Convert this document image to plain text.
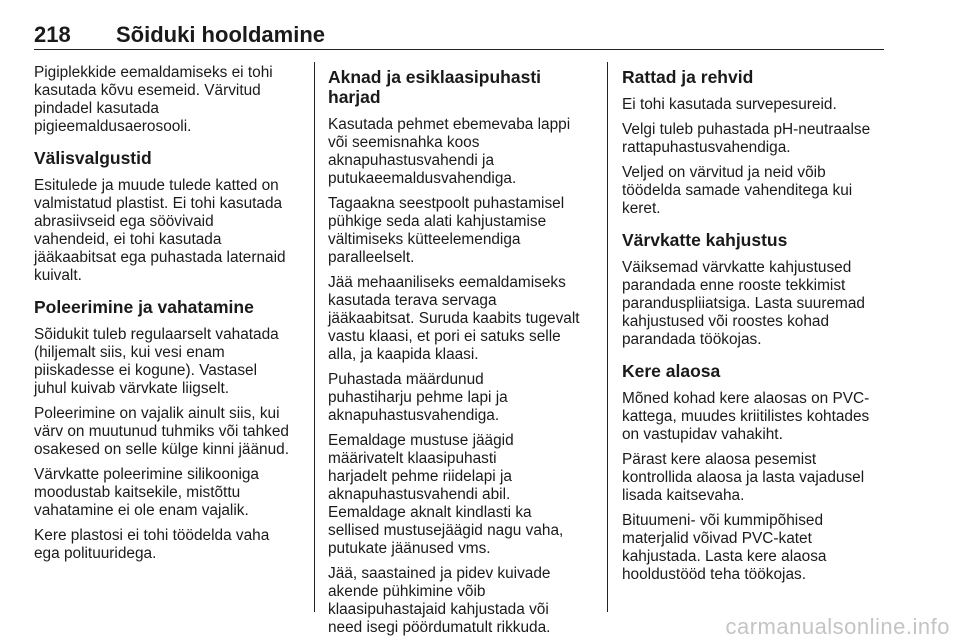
218 Sõiduki hooldamine

Pigiplekkide eemaldamiseks ei tohi
kasutada kõvu esemeid. Värvitud
pindadel kasutada
pigieemaldusaerosooli.

Välisvalgustid

Esitulede ja muude tulede katted on
valmistatud plastist. Ei tohi kasutada
abrasiivseid ega söövivaid
vahendeid, ei tohi kasutada
jääkaabitsat ega puhastada laternaid
kuivalt.

Poleerimine ja vahatamine

Sõidukit tuleb regulaarselt vahatada
(hiljemalt siis, kui vesi enam
piiskadesse ei kogune). Vastasel
juhul kuivab värvkate liigselt.

Poleerimine on vajalik ainult siis, kui
värv on muutunud tuhmiks või tahked
osakesed on selle külge kinni jäänud.

Värvkatte poleerimine silikooniga
moodustab kaitsekile, mistõttu
vahatamine ei ole enam vajalik.

Kere plastosi ei tohi töödelda vaha
ega polituuridega.

Aknad ja esiklaasipuhasti harjad

Kasutada pehmet ebemevaba lappi
või seemisnahka koos
aknapuhastusvahendi ja
putukaeemaldusvahendiga.

Tagaakna seestpoolt puhastamisel
pühkige seda alati kahjustamise
vältimiseks kütteelemendiga
paralleelselt.

Jää mehaaniliseks eemaldamiseks
kasutada terava servaga
jääkaabitsat. Suruda kaabits tugevalt
vastu klaasi, et pori ei satuks selle
alla, ja kaapida klaasi.

Puhastada määrdunud
puhastiharju pehme lapi ja
aknapuhastusvahendiga.

Eemaldage mustuse jäägid
määrivatelt klaasipuhasti
harjadelt pehme riidelapi ja
aknapuhastusvahendi abil.
Eemaldage aknalt kindlasti ka
sellised mustusejäägid nagu vaha,
putukate jäänused vms.

Jää, saastained ja pidev kuivade
akende pühkimine võib
klaasipuhastajaid kahjustada või
need isegi pöördumatult rikkuda.

Rattad ja rehvid

Ei tohi kasutada survepesureid.

Velgi tuleb puhastada pH-neutraalse
rattapuhastusvahendiga.

Veljed on värvitud ja neid võib
töödelda samade vahenditega kui
keret.

Värvkatte kahjustus

Väiksemad värvkatte kahjustused
parandada enne rooste tekkimist
paranduspliiatsiga. Lasta suuremad
kahjustused või roostes kohad
parandada töökojas.

Kere alaosa

Mõned kohad kere alaosas on PVC-
kattega, muudes kriitilistes kohtades
on vastupidav vahakiht.

Pärast kere alaosa pesemist
kontrollida alaosa ja lasta vajadusel
lisada kaitsevaha.

Bituumeni- või kummipõhised
materjalid võivad PVC-katet
kahjustada. Lasta kere alaosa
hooldustööd teha töökojas.

carmanualsonline.info
